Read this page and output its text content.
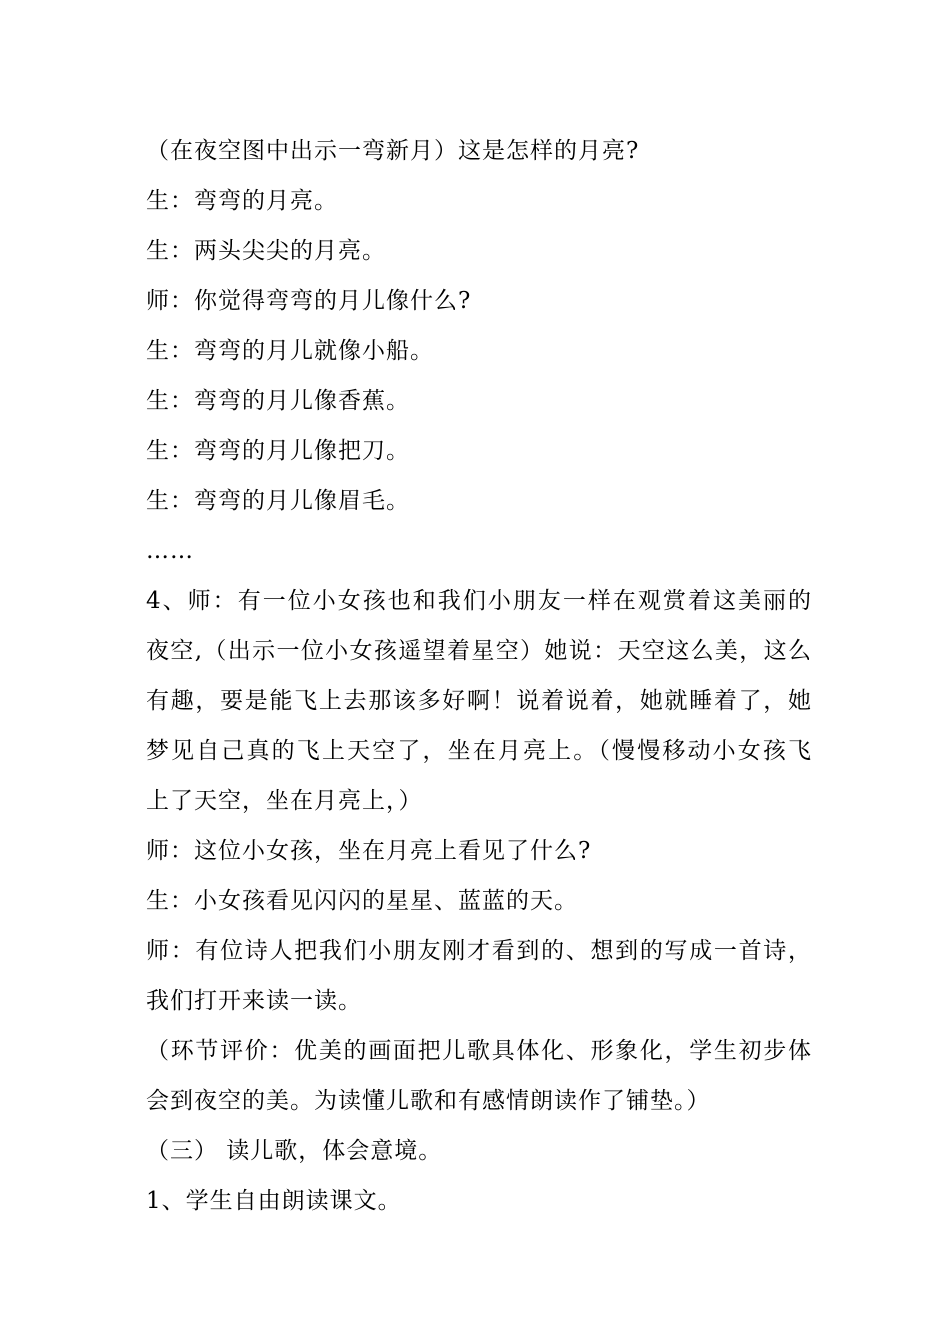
（在夜空图中出示一弯新月）这是怎样的月亮?
生：弯弯的月亮。
生：两头尖尖的月亮。
师：你觉得弯弯的月儿像什么?
生：弯弯的月儿就像小船。
生：弯弯的月儿像香蕉。
生：弯弯的月儿像把刀。
生：弯弯的月儿像眉毛。
……
4、师：有一位小女孩也和我们小朋友一样在观赏着这美丽的
夜空,（出示一位小女孩遥望着星空）她说：天空这么美，这么
有趣，要是能飞上去那该多好啊！说着说着，她就睡着了，她
梦见自己真的飞上天空了，坐在月亮上。（慢慢移动小女孩飞
上了天空，坐在月亮上，）
师：这位小女孩，坐在月亮上看见了什么?
生：小女孩看见闪闪的星星、蓝蓝的天。
师：有位诗人把我们小朋友刚才看到的、想到的写成一首诗，
我们打开来读一读。
（环节评价：优美的画面把儿歌具体化、形象化，学生初步体
会到夜空的美。为读懂儿歌和有感情朗读作了铺垫。）
（三） 读儿歌，体会意境。
1、学生自由朗读课文。
